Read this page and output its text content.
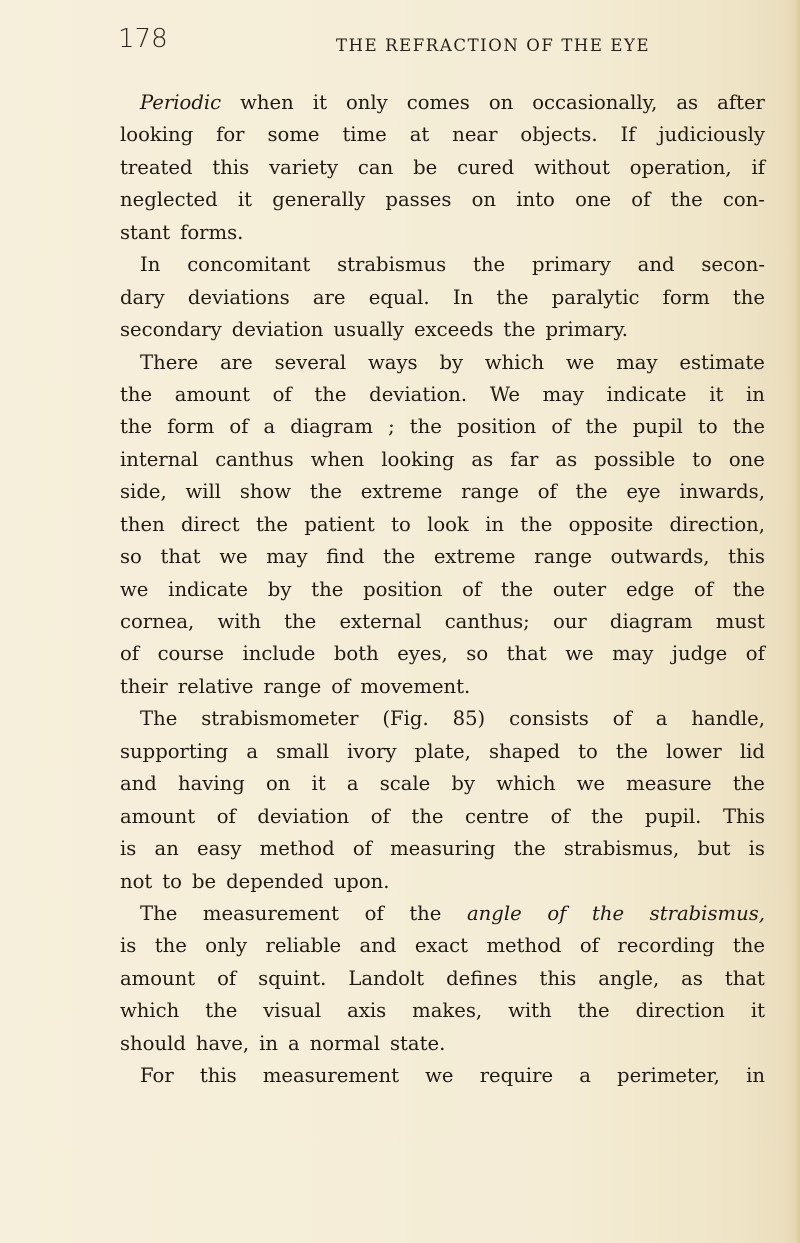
178	THE REFRACTION OF THE EYE
Periodic when it only comes on occasionally, as after
looking for some time at near objects. If judiciously
treated this variety can be cured without operation, if
neglected it generally passes on into one of the con-
stant forms.
In concomitant strabismus the primary and secon-
dary deviations are equal. In the paralytic form the
secondary deviation usually exceeds the primary.
There are several ways by which we may estimate
the amount of the deviation. We may indicate it in
the form of a diagram ; the position of the pupil to the
internal canthus when looking as far as possible to one
side, will show the extreme range of the eye inwards,
then direct the patient to look in the opposite direction,
so that we may find the extreme range outwards, this
we indicate by the position of the outer edge of the
cornea, with the external canthus; our diagram must
of course include both eyes, so that we may judge of
their relative range of movement.
The strabismometer (Fig. 85) consists of a handle,
supporting a small ivory plate, shaped to the lower lid
and having on it a scale by which we measure the
amount of deviation of the centre of the pupil. This
is an easy method of measuring the strabismus, but is
not to be depended upon.
The measurement of the angle of the strabismus,
is the only reliable and exact method of recording the
amount of squint. Landolt defines this angle, as that
which the visual axis makes, with the direction it
should have, in a normal state.
For this measurement we require a perimeter, in
